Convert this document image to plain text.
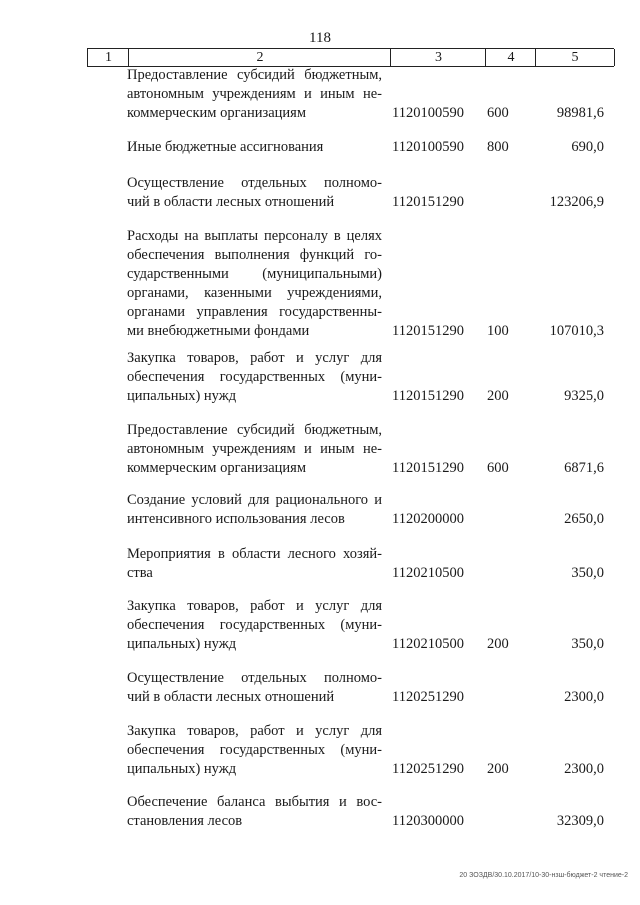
118
1	2	3	4	5
Предоставление субсидий бюджетным,
автономным учреждениям и иным не-
коммерческим организациям	1120100590 600	98981,6
Иные бюджетные ассигнования	1120100590 800	690,0
Осуществление отдельных полномо-
чий в области лесных отношений	1120151290	123206,9
Расходы на выплаты персоналу в целях
обеспечения выполнения функций го-
сударственными (муниципальными)
органами, казенными учреждениями,
органами управления государственны-
ми внебюджетными фондами	1120151290 100	107010,3
Закупка товаров, работ и услуг для
обеспечения государственных (муни-
ципальных) нужд	1120151290 200	9325,0
Предоставление субсидий бюджетным,
автономным учреждениям и иным не-
коммерческим организациям	1120151290 600	6871,6
Создание условий для рационального и
интенсивного использования лесов	1120200000	2650,0
Мероприятия в области лесного хозяй-
ства	1120210500	350,0
Закупка товаров, работ и услуг для
обеспечения государственных (муни-
ципальных) нужд	1120210500 200	350,0
Осуществление отдельных полномо-
чий в области лесных отношений	1120251290	2300,0
Закупка товаров, работ и услуг для
обеспечения государственных (муни-
ципальных) нужд	1120251290 200	2300,0
Обеспечение баланса выбытия и вос-
становления лесов	1120300000	32309,0
20 ЗОЗДВ/30.10.2017/10-30-нзш-бюджет-2 чтение-2
